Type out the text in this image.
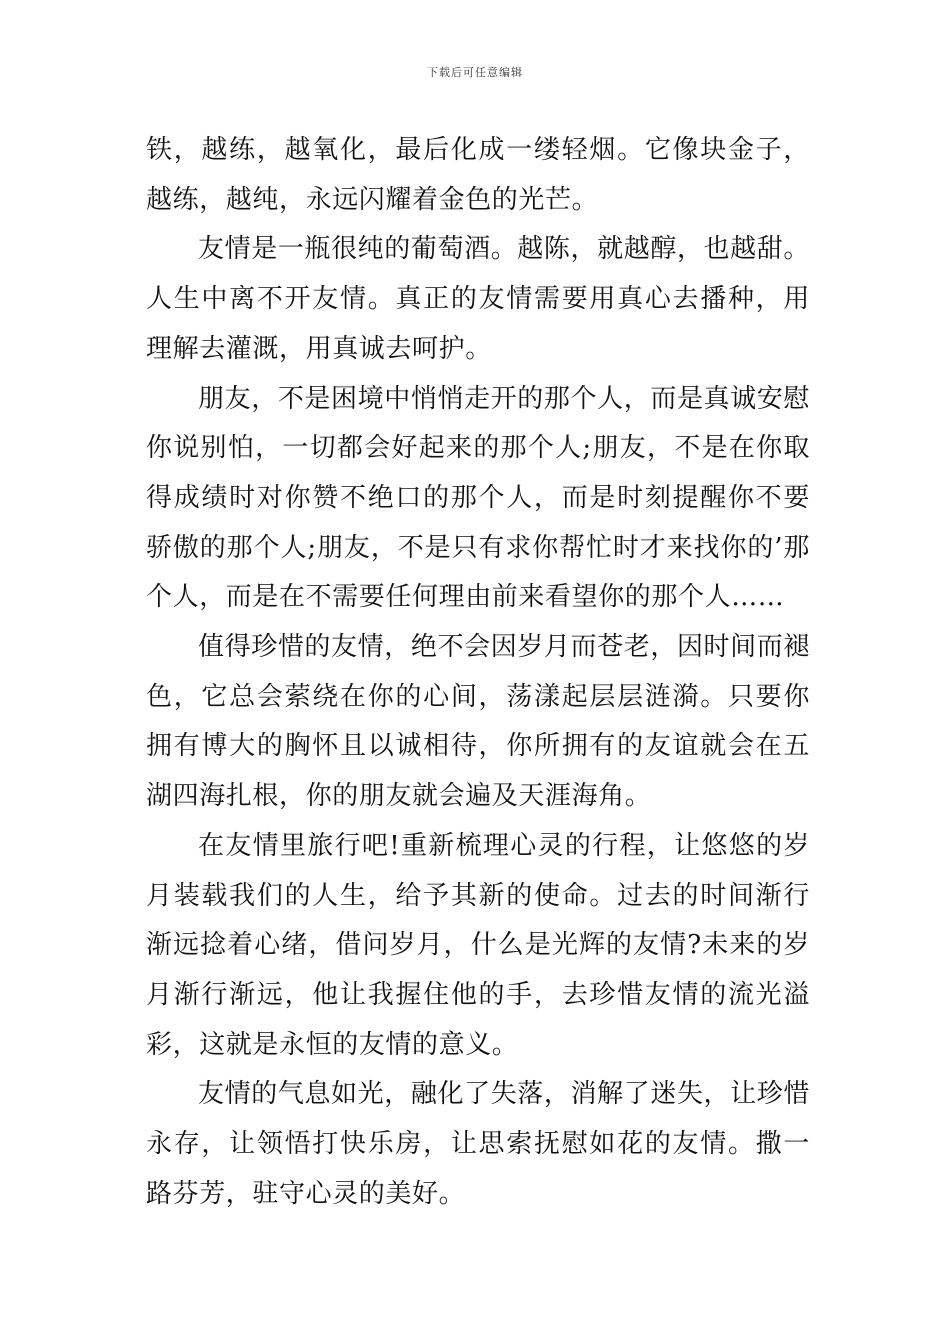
下载后可任意编辑

铁，越练，越氧化，最后化成一缕轻烟。它像块金子，越练，越纯，永远闪耀着金色的光芒。

友情是一瓶很纯的葡萄酒。越陈，就越醇，也越甜。人生中离不开友情。真正的友情需要用真心去播种，用理解去灌溉，用真诚去呵护。

朋友，不是困境中悄悄走开的那个人，而是真诚安慰你说别怕，一切都会好起来的那个人;朋友，不是在你取得成绩时对你赞不绝口的那个人，而是时刻提醒你不要骄傲的那个人;朋友，不是只有求你帮忙时才来找你的’那个人，而是在不需要任何理由前来看望你的那个人……

值得珍惜的友情，绝不会因岁月而苍老，因时间而褪色，它总会萦绕在你的心间，荡漾起层层涟漪。只要你拥有博大的胸怀且以诚相待，你所拥有的友谊就会在五湖四海扎根，你的朋友就会遍及天涯海角。

在友情里旅行吧!重新梳理心灵的行程，让悠悠的岁月装载我们的人生，给予其新的使命。过去的时间渐行渐远捻着心绪，借问岁月，什么是光辉的友情?未来的岁月渐行渐远，他让我握住他的手，去珍惜友情的流光溢彩，这就是永恒的友情的意义。

友情的气息如光，融化了失落，消解了迷失，让珍惜永存，让领悟打快乐房，让思索抚慰如花的友情。撒一路芬芳，驻守心灵的美好。
